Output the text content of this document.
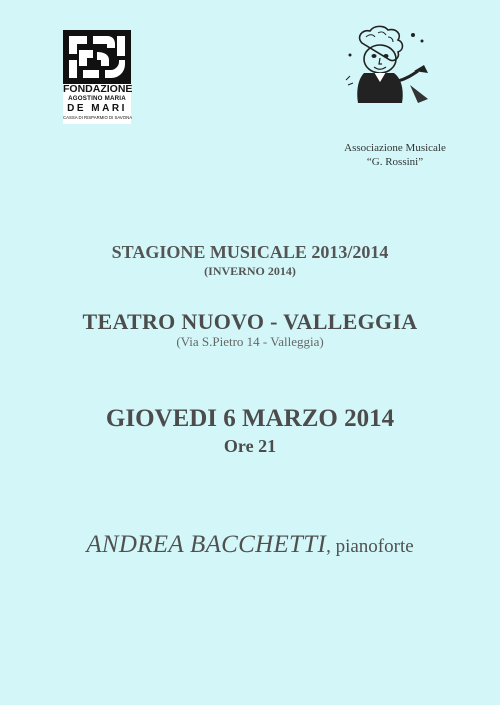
FONDAZIONE
AGOSTINO MARIA
DE MARI
CASSA DI RISPARMIO DI SAVONA
Associazione Musicale
“G. Rossini”
STAGIONE MUSICALE 2013/2014
(INVERNO 2014)
TEATRO NUOVO - VALLEGGIA
(Via S.Pietro 14 - Valleggia)
GIOVEDI 6 MARZO 2014
Ore 21
ANDREA BACCHETTI, pianoforte
